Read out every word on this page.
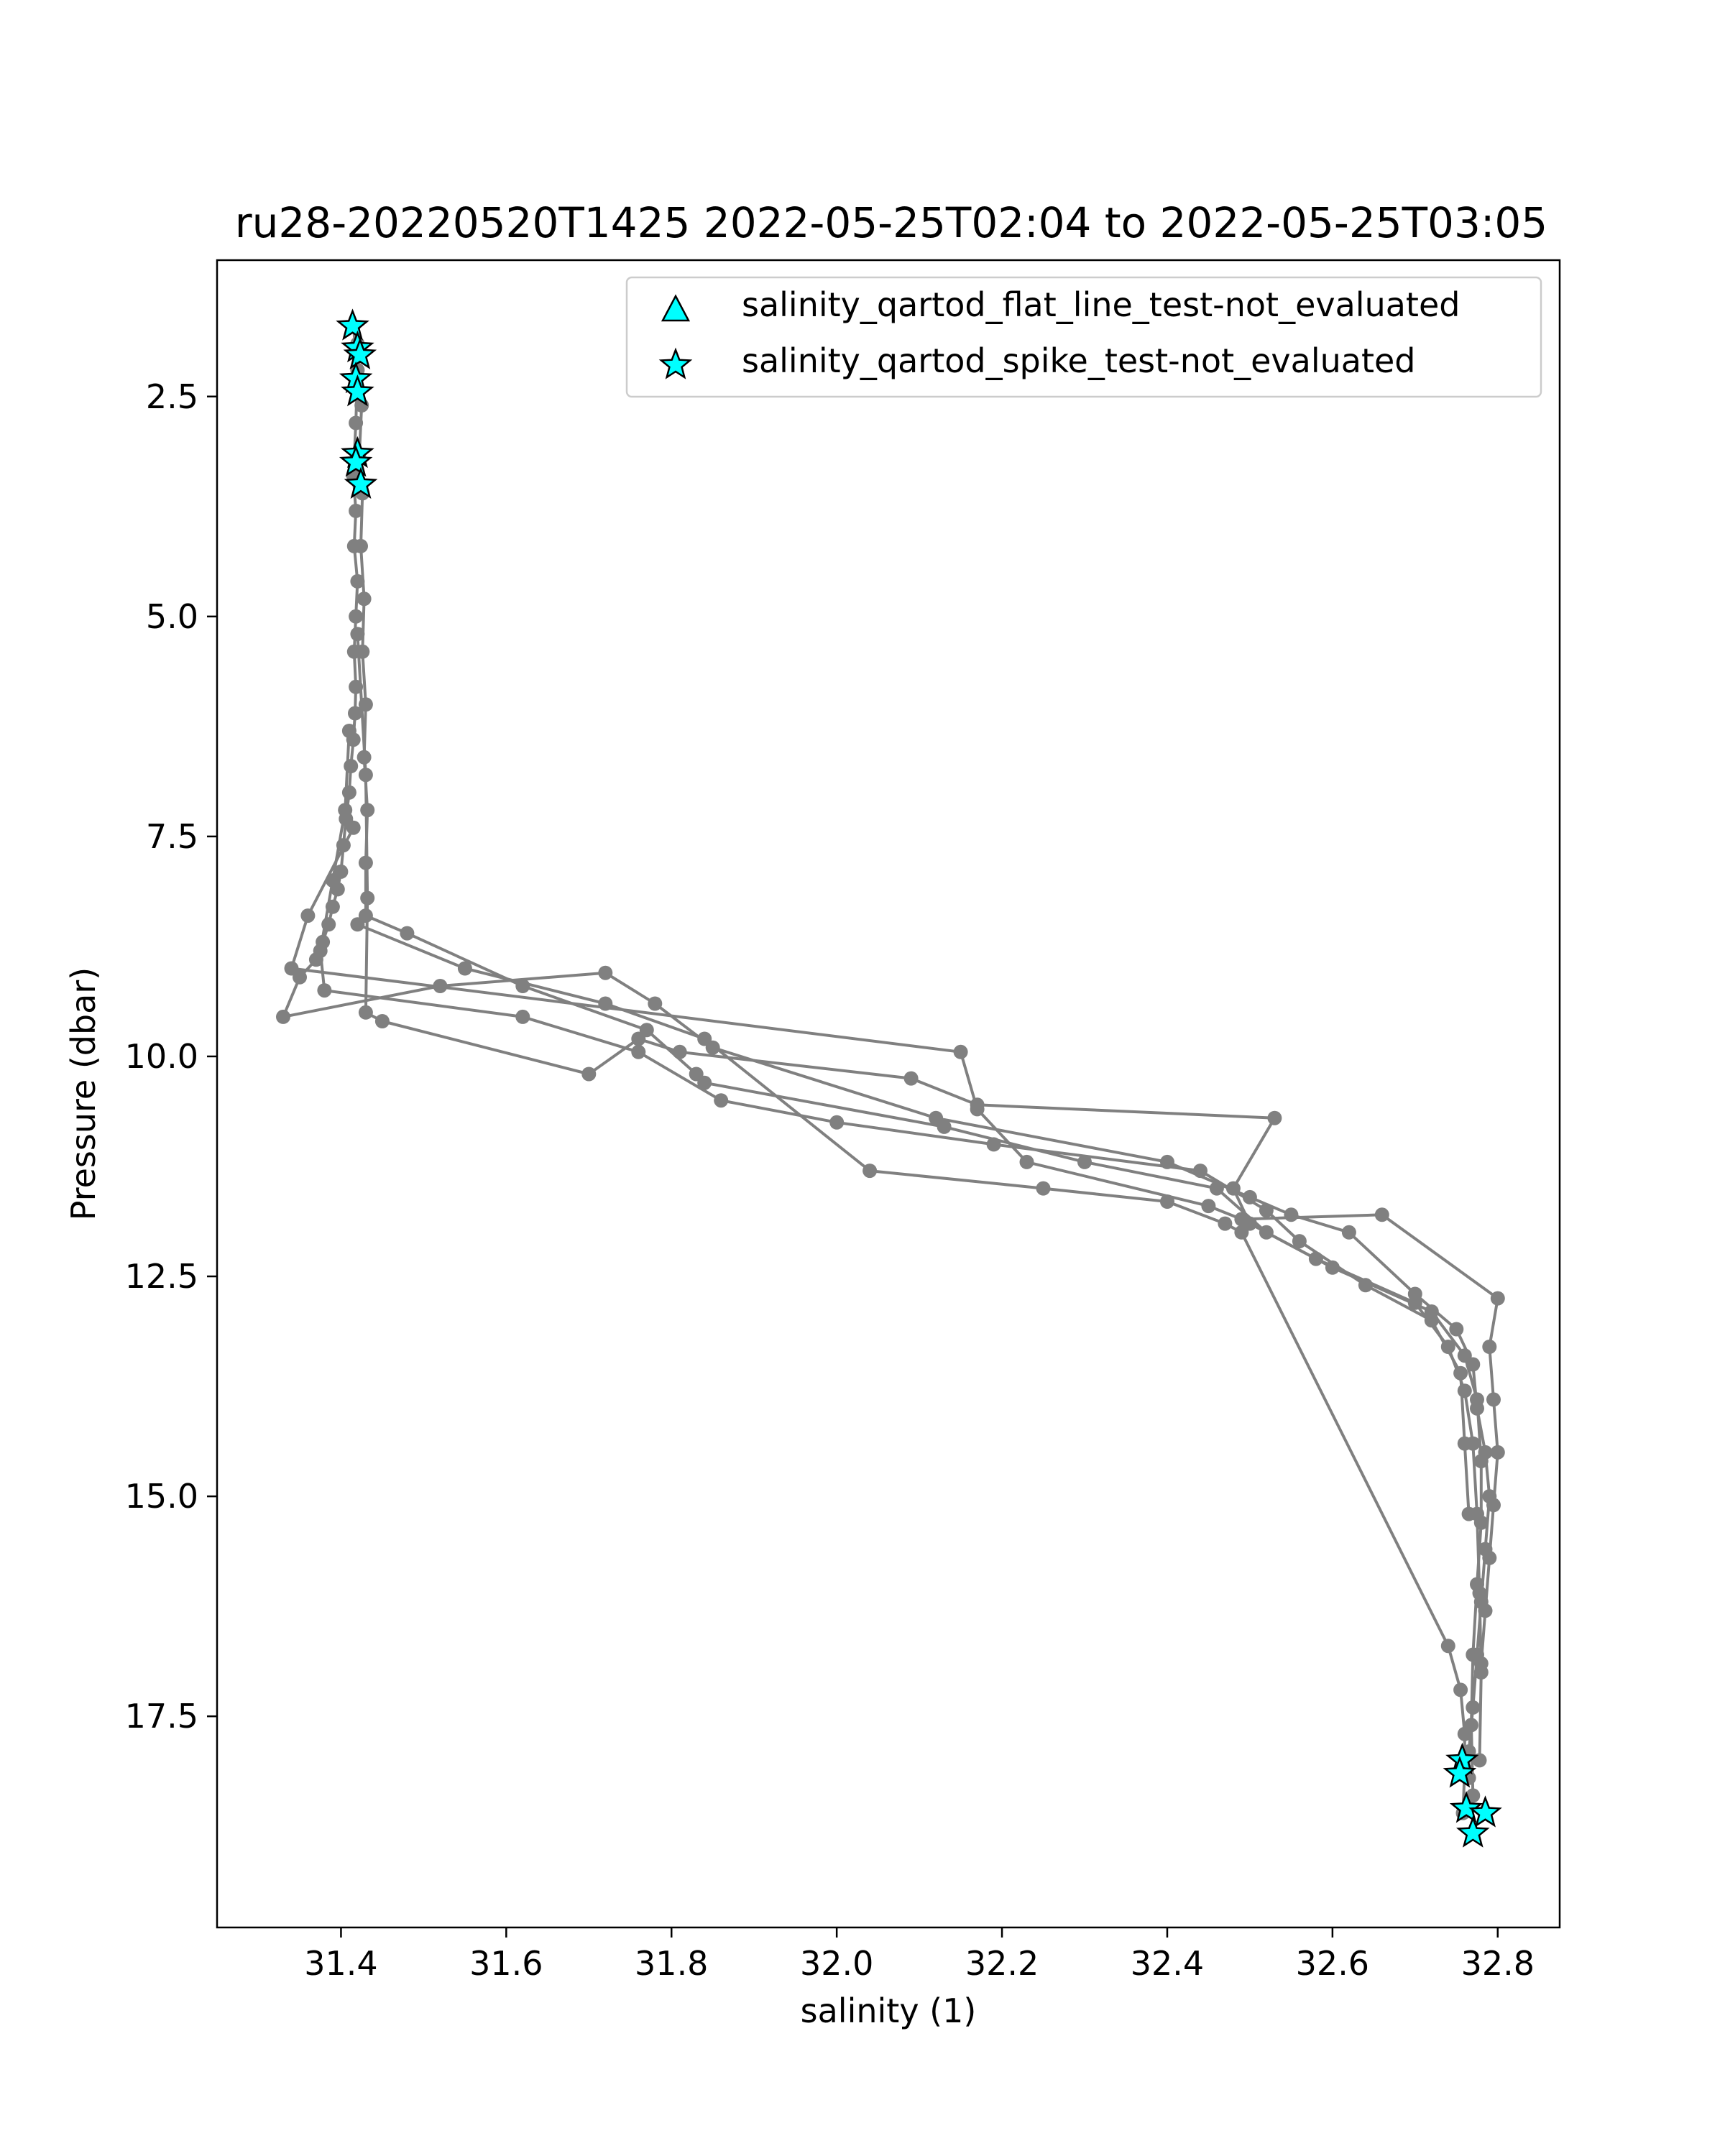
ru28-20220520T1425 2022-05-25T02:04 to 2022-05-25T03:05
31.4	31.6	31.8	32.0	32.2	32.4	32.6	32.8
2.5
5.0
7.5
10.0
12.5
15.0
17.5
salinity (1)
Pressure (dbar)
salinity_qartod_flat_line_test-not_evaluated
salinity_qartod_spike_test-not_evaluated
